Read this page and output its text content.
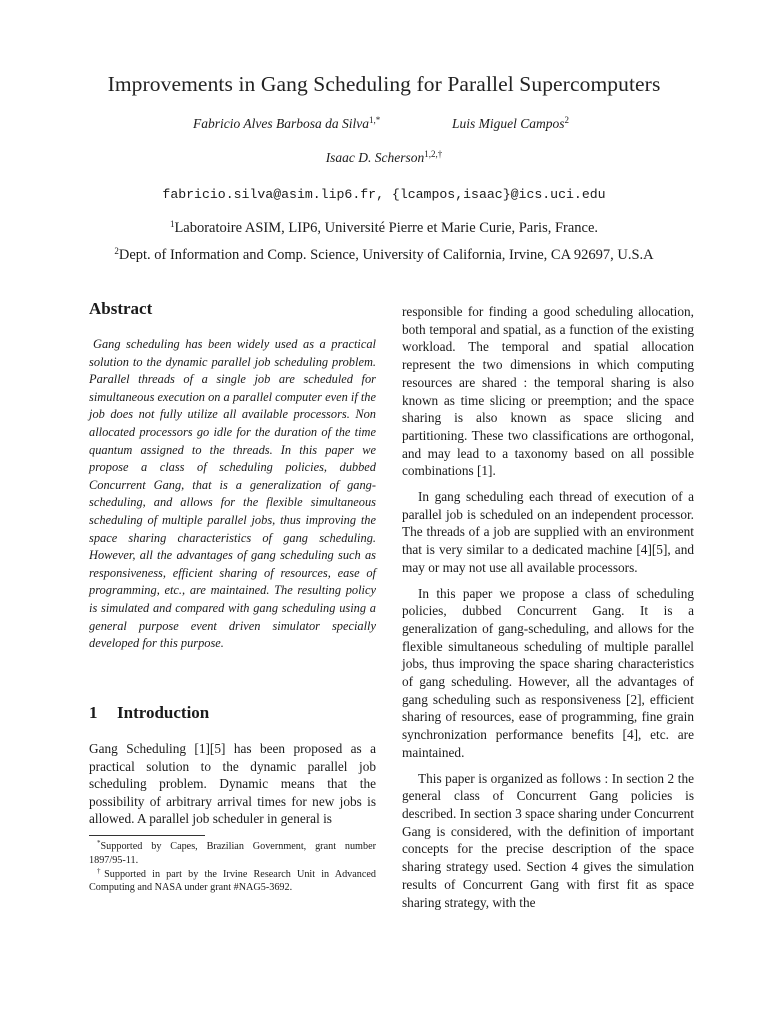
Improvements in Gang Scheduling for Parallel Supercomputers
Fabricio Alves Barbosa da Silva$^{1,*}$	Luis Miguel Campos$^2$
Isaac D. Scherson$^{1,2,\dagger}$
fabricio.silva@asim.lip6.fr, {lcampos,isaac}@ics.uci.edu
$^1$Laboratoire ASIM, LIP6, Université Pierre et Marie Curie, Paris, France.
$^2$Dept. of Information and Comp. Science, University of California, Irvine, CA 92697, U.S.A
Abstract
Gang scheduling has been widely used as a practical solution to the dynamic parallel job scheduling problem. Parallel threads of a single job are scheduled for simultaneous execution on a parallel computer even if the job does not fully utilize all available processors. Non allocated processors go idle for the duration of the time quantum assigned to the threads. In this paper we propose a class of scheduling policies, dubbed Concurrent Gang, that is a generalization of gang-scheduling, and allows for the flexible simultaneous scheduling of multiple parallel jobs, thus improving the space sharing characteristics of gang scheduling. However, all the advantages of gang scheduling such as responsiveness, efficient sharing of resources, ease of programming, etc., are maintained. The resulting policy is simulated and compared with gang scheduling using a general purpose event driven simulator specially developed for this purpose.
1 Introduction
Gang Scheduling [1][5] has been proposed as a practical solution to the dynamic parallel job scheduling problem. Dynamic means that the possibility of arbitrary arrival times for new jobs is allowed. A parallel job scheduler in general is

*Supported by Capes, Brazilian Government, grant number 1897/95-11.

†Supported in part by the Irvine Research Unit in Advanced Computing and NASA under grant #NAG5-3692.

responsible for finding a good scheduling allocation, both temporal and spatial, as a function of the existing workload. The temporal and spatial allocation represent the two dimensions in which computing resources are shared : the temporal sharing is also known as time slicing or preemption; and the space sharing is also known as space slicing and partitioning. These two classifications are orthogonal, and may lead to a taxonomy based on all possible combinations [1].

In gang scheduling each thread of execution of a parallel job is scheduled on an independent processor. The threads of a job are supplied with an environment that is very similar to a dedicated machine [4][5], and may or may not use all available processors.

In this paper we propose a class of scheduling policies, dubbed Concurrent Gang. It is a generalization of gang-scheduling, and allows for the flexible simultaneous scheduling of multiple parallel jobs, thus improving the space sharing characteristics of gang scheduling. However, all the advantages of gang scheduling such as responsiveness [2], efficient sharing of resources, ease of programming, fine grain synchronization performance benefits [4], etc. are maintained.

This paper is organized as follows : In section 2 the general class of Concurrent Gang policies is described. In section 3 space sharing under Concurrent Gang is considered, with the definition of important concepts for the precise description of the space sharing strategy used. Section 4 gives the simulation results of Concurrent Gang with first fit as space sharing strategy, with the
